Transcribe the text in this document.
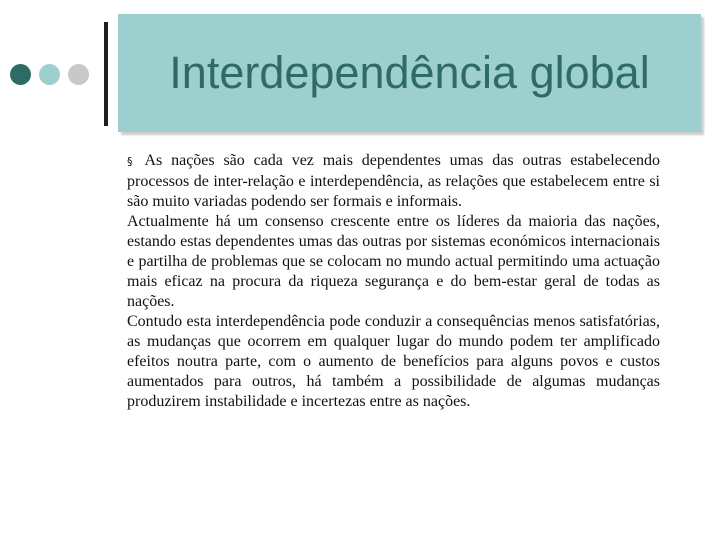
Interdependência global

§ As nações são cada vez mais dependentes umas das outras estabelecendo processos de inter-relação e interdependência, as relações que estabelecem entre si são muito variadas podendo ser formais e informais.

Actualmente há um consenso crescente entre os líderes da maioria das nações, estando estas dependentes umas das outras por sistemas económicos internacionais e partilha de problemas que se colocam no mundo actual permitindo uma actuação mais eficaz na procura da riqueza segurança e do bem-estar geral de todas as nações.

Contudo esta interdependência pode conduzir a consequências menos satisfatórias, as mudanças que ocorrem em qualquer lugar do mundo podem ter amplificado efeitos noutra parte, com o aumento de benefícios para alguns povos e custos aumentados para outros, há também a possibilidade de algumas mudanças produzirem instabilidade e incertezas entre as nações.
